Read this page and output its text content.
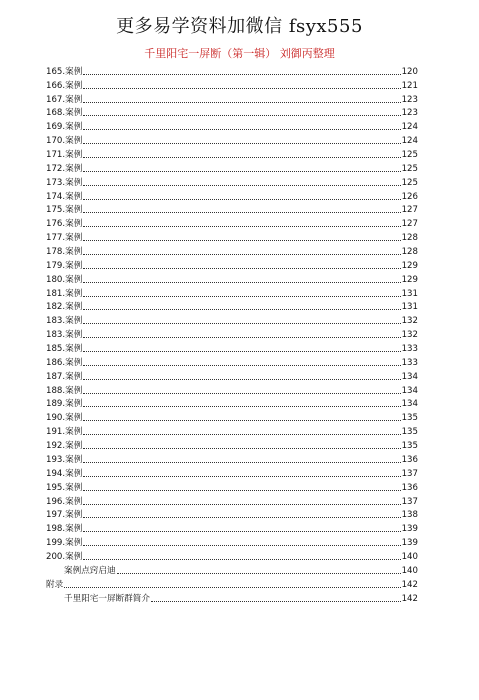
更多易学资料加微信 fsyx555
千里阳宅一屏断（第一辑） 刘御丙整理
165.案例	120
166.案例	121
167.案例	123
168.案例	123
169.案例	124
170.案例	124
171.案例	125
172.案例	125
173.案例	125
174.案例	126
175.案例	127
176.案例	127
177.案例	128
178.案例	128
179.案例	129
180.案例	129
181.案例	131
182.案例	131
183.案例	132
183.案例	132
185.案例	133
186.案例	133
187.案例	134
188.案例	134
189.案例	134
190.案例	135
191.案例	135
192.案例	135
193.案例	136
194.案例	137
195.案例	136
196.案例	137
197.案例	138
198.案例	139
199.案例	139
200.案例	140
案例点窍启迪	140
附录	142
千里阳宅一屏断群简介	142
